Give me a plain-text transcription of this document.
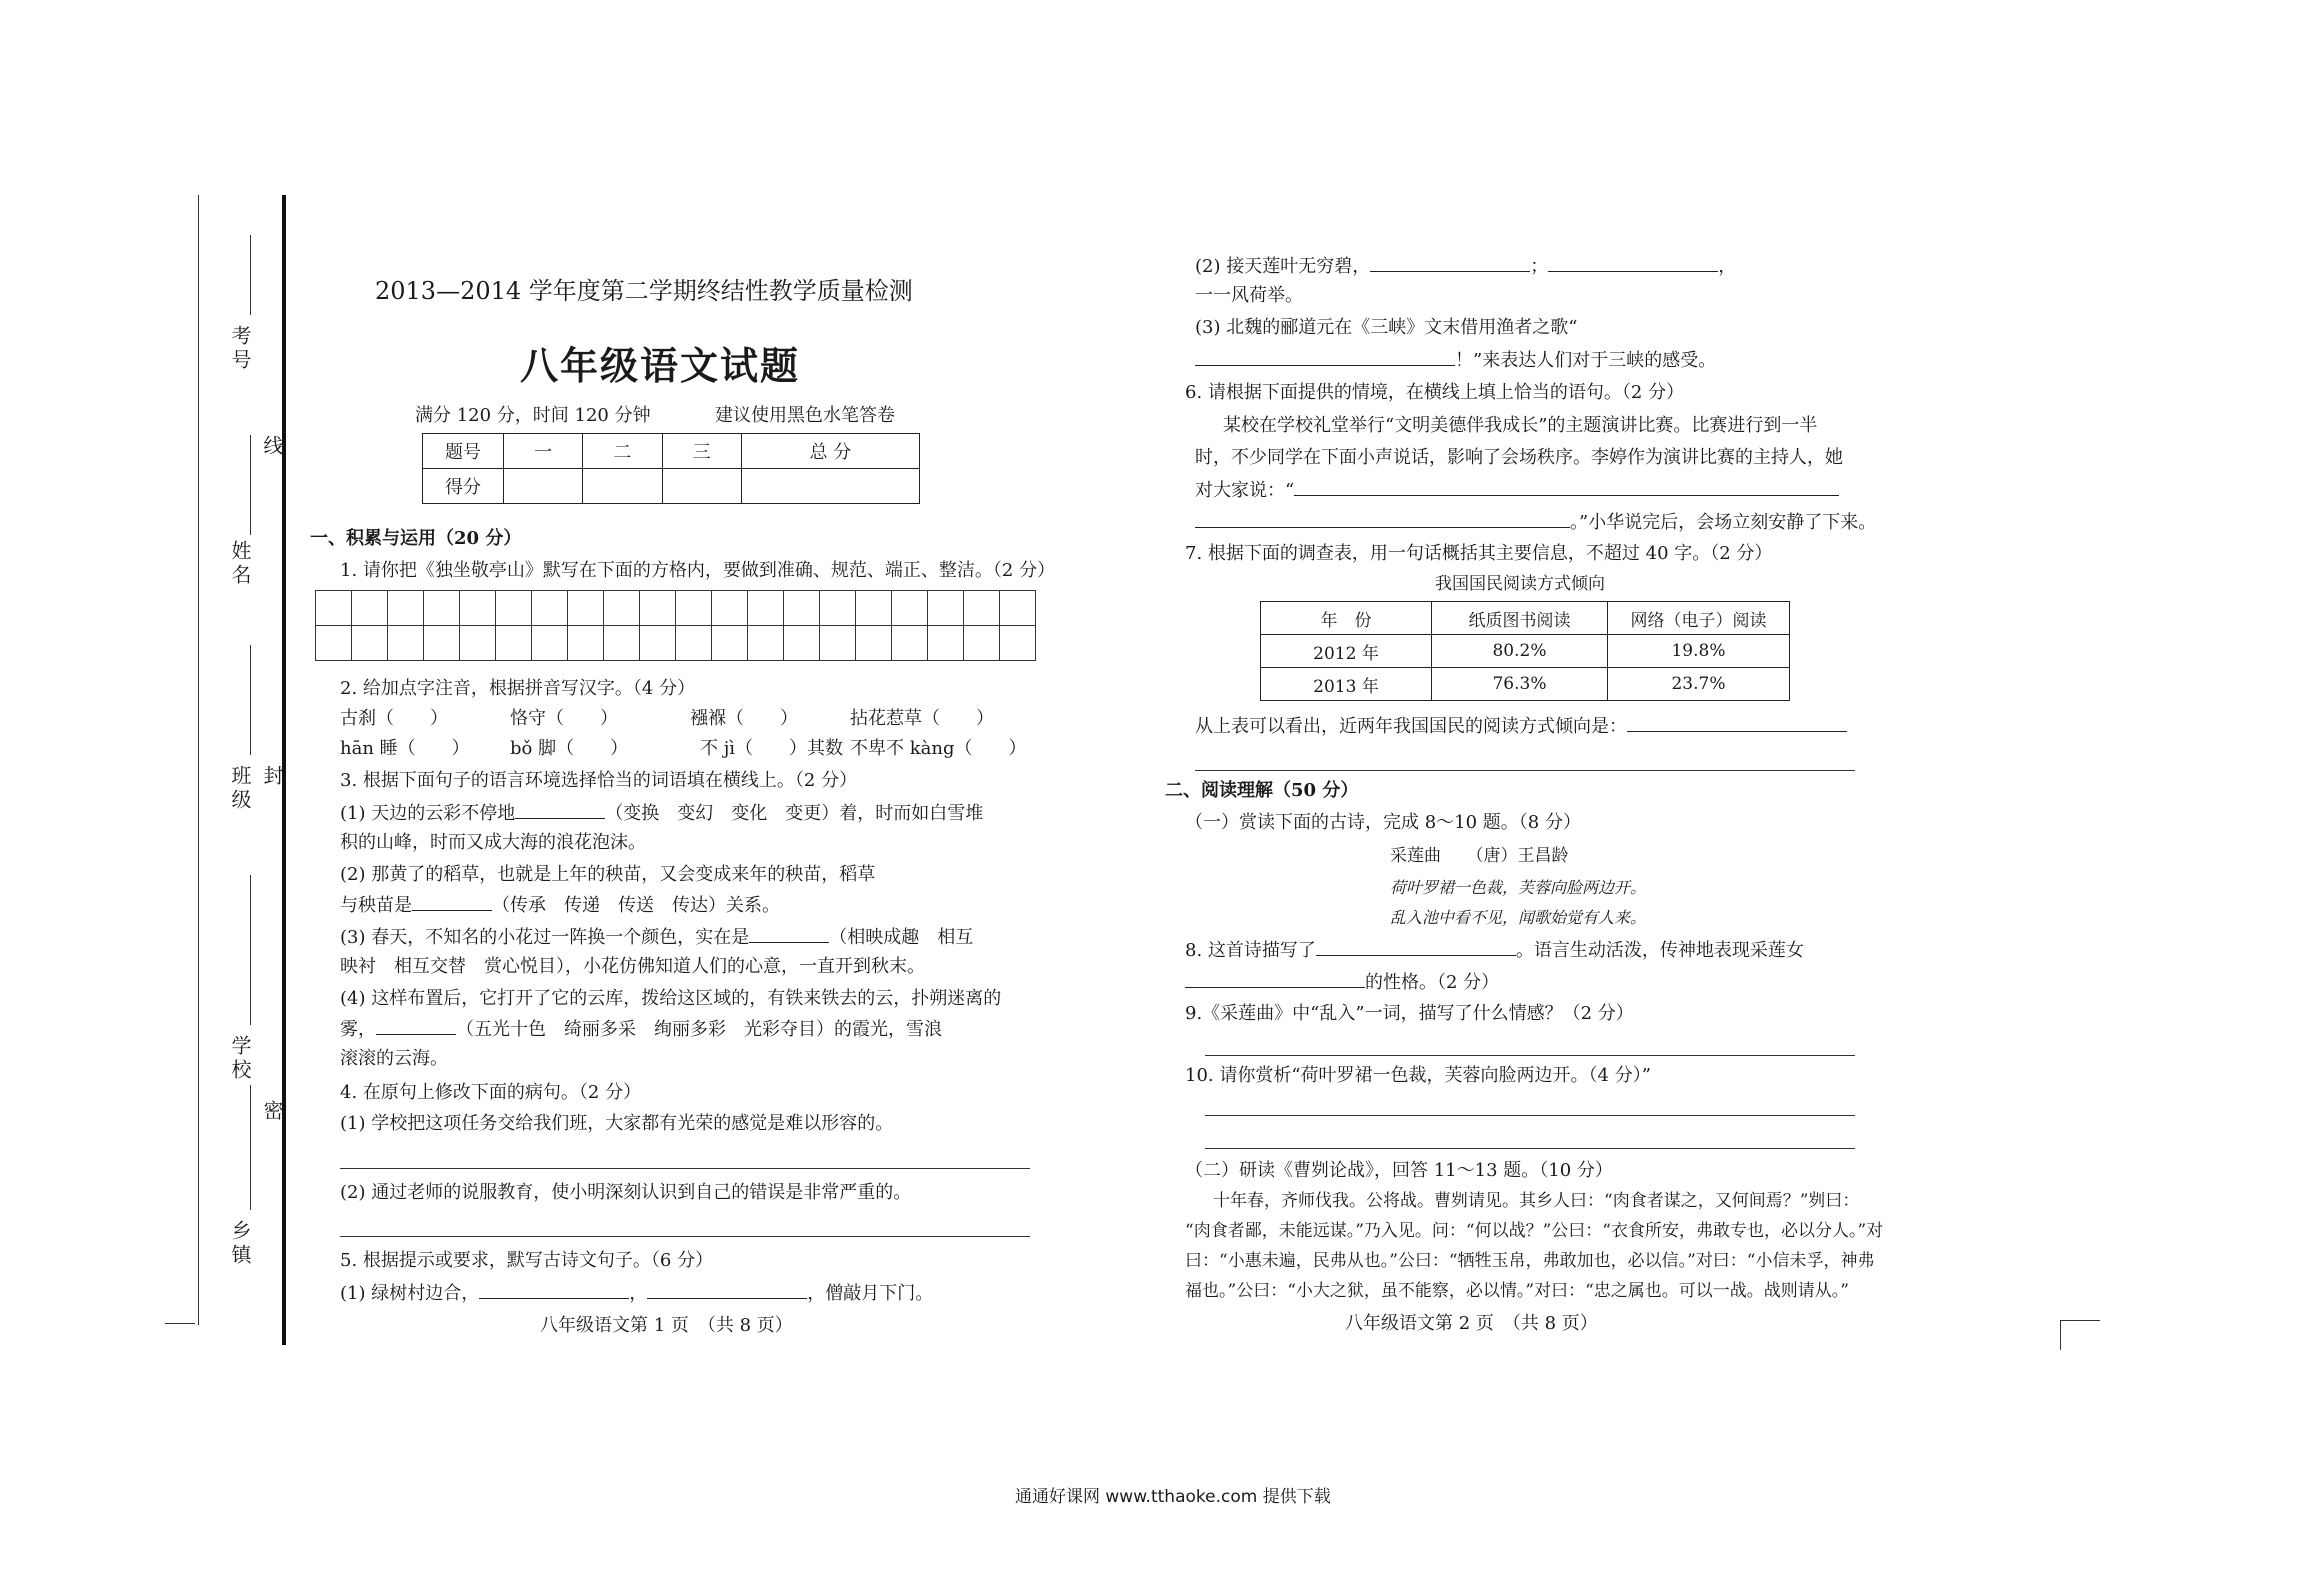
考号
线
姓名
班级 封
学校
密
乡镇
2013—2014 学年度第二学期终结性教学质量检测
八年级语文试题
满分 120 分，时间 120 分钟	建议使用黑色水笔答卷
题号	一	二	三	总 分
得分				
一、积累与运用（20 分）
1. 请你把《独坐敬亭山》默写在下面的方格内，要做到准确、规范、端正、整洁。（2 分）

2. 给加点字注音，根据拼音写汉字。（4 分）
古刹（　　）	恪守（　　）	襁褓（　　）	拈花惹草（　　）
hān 睡（　　） bǒ 脚（　　）	不 jì（　　）其数 不卑不 kàng（　　）
3. 根据下面句子的语言环境选择恰当的词语填在横线上。（2 分）
(1) 天边的云彩不停地	（变换　变幻　变化　变更）着，时而如白雪堆
积的山峰，时而又成大海的浪花泡沫。
(2) 那黄了的稻草，也就是上年的秧苗，又会变成来年的秧苗，稻草
与秧苗是	（传承　传递　传送　传达）关系。
(3) 春天，不知名的小花过一阵换一个颜色，实在是	（相映成趣　相互
映衬　相互交替　赏心悦目），小花仿佛知道人们的心意，一直开到秋末。
(4) 这样布置后，它打开了它的云库，拨给这区域的，有铁来铁去的云，扑朔迷离的
雾，	（五光十色　绮丽多采　绚丽多彩　光彩夺目）的霞光，雪浪
滚滚的云海。
4. 在原句上修改下面的病句。（2 分）
(1) 学校把这项任务交给我们班，大家都有光荣的感觉是难以形容的。
(2) 通过老师的说服教育，使小明深刻认识到自己的错误是非常严重的。
5. 根据提示或要求，默写古诗文句子。（6 分）
(1) 绿树村边合，	，	，僧敲月下门。
八年级语文第 1 页　（共 8 页）
(2) 接天莲叶无穷碧，	；	，
一一风荷举。
(3) 北魏的郦道元在《三峡》文末借用渔者之歌“
！”来表达人们对于三峡的感受。
6. 请根据下面提供的情境，在横线上填上恰当的语句。（2 分）
某校在学校礼堂举行“文明美德伴我成长”的主题演讲比赛。比赛进行到一半
时，不少同学在下面小声说话，影响了会场秩序。李婷作为演讲比赛的主持人，她
对大家说：“
。”小华说完后，会场立刻安静了下来。
7. 根据下面的调查表，用一句话概括其主要信息，不超过 40 字。（2 分）
我国国民阅读方式倾向
年　份	纸质图书阅读	网络（电子）阅读
2012 年	80.2%	19.8%
2013 年	76.3%	23.7%
从上表可以看出，近两年我国国民的阅读方式倾向是：
二、阅读理解（50 分）
（一）赏读下面的古诗，完成 8～10 题。（8 分）
采莲曲　　（唐）王昌龄
荷叶罗裙一色裁，芙蓉向脸两边开。
乱入池中看不见，闻歌始觉有人来。
8. 这首诗描写了	。语言生动活泼，传神地表现采莲女
的性格。（2 分）
9.《采莲曲》中“乱入”一词，描写了什么情感？（2 分）
10. 请你赏析“荷叶罗裙一色裁，芙蓉向脸两边开。（4 分）”
（二）研读《曹刿论战》，回答 11～13 题。（10 分）
十年春，齐师伐我。公将战。曹刿请见。其乡人曰：“肉食者谋之，又何间焉？”刿曰：
“肉食者鄙，未能远谋。”乃入见。问：“何以战？”公曰：“衣食所安，弗敢专也，必以分人。”对
曰：“小惠未遍，民弗从也。”公曰：“牺牲玉帛，弗敢加也，必以信。”对曰：“小信未孚，神弗
福也。”公曰：“小大之狱，虽不能察，必以情。”对曰：“忠之属也。可以一战。战则请从。”
八年级语文第 2 页　（共 8 页）
通通好课网 www.tthaoke.com 提供下载
